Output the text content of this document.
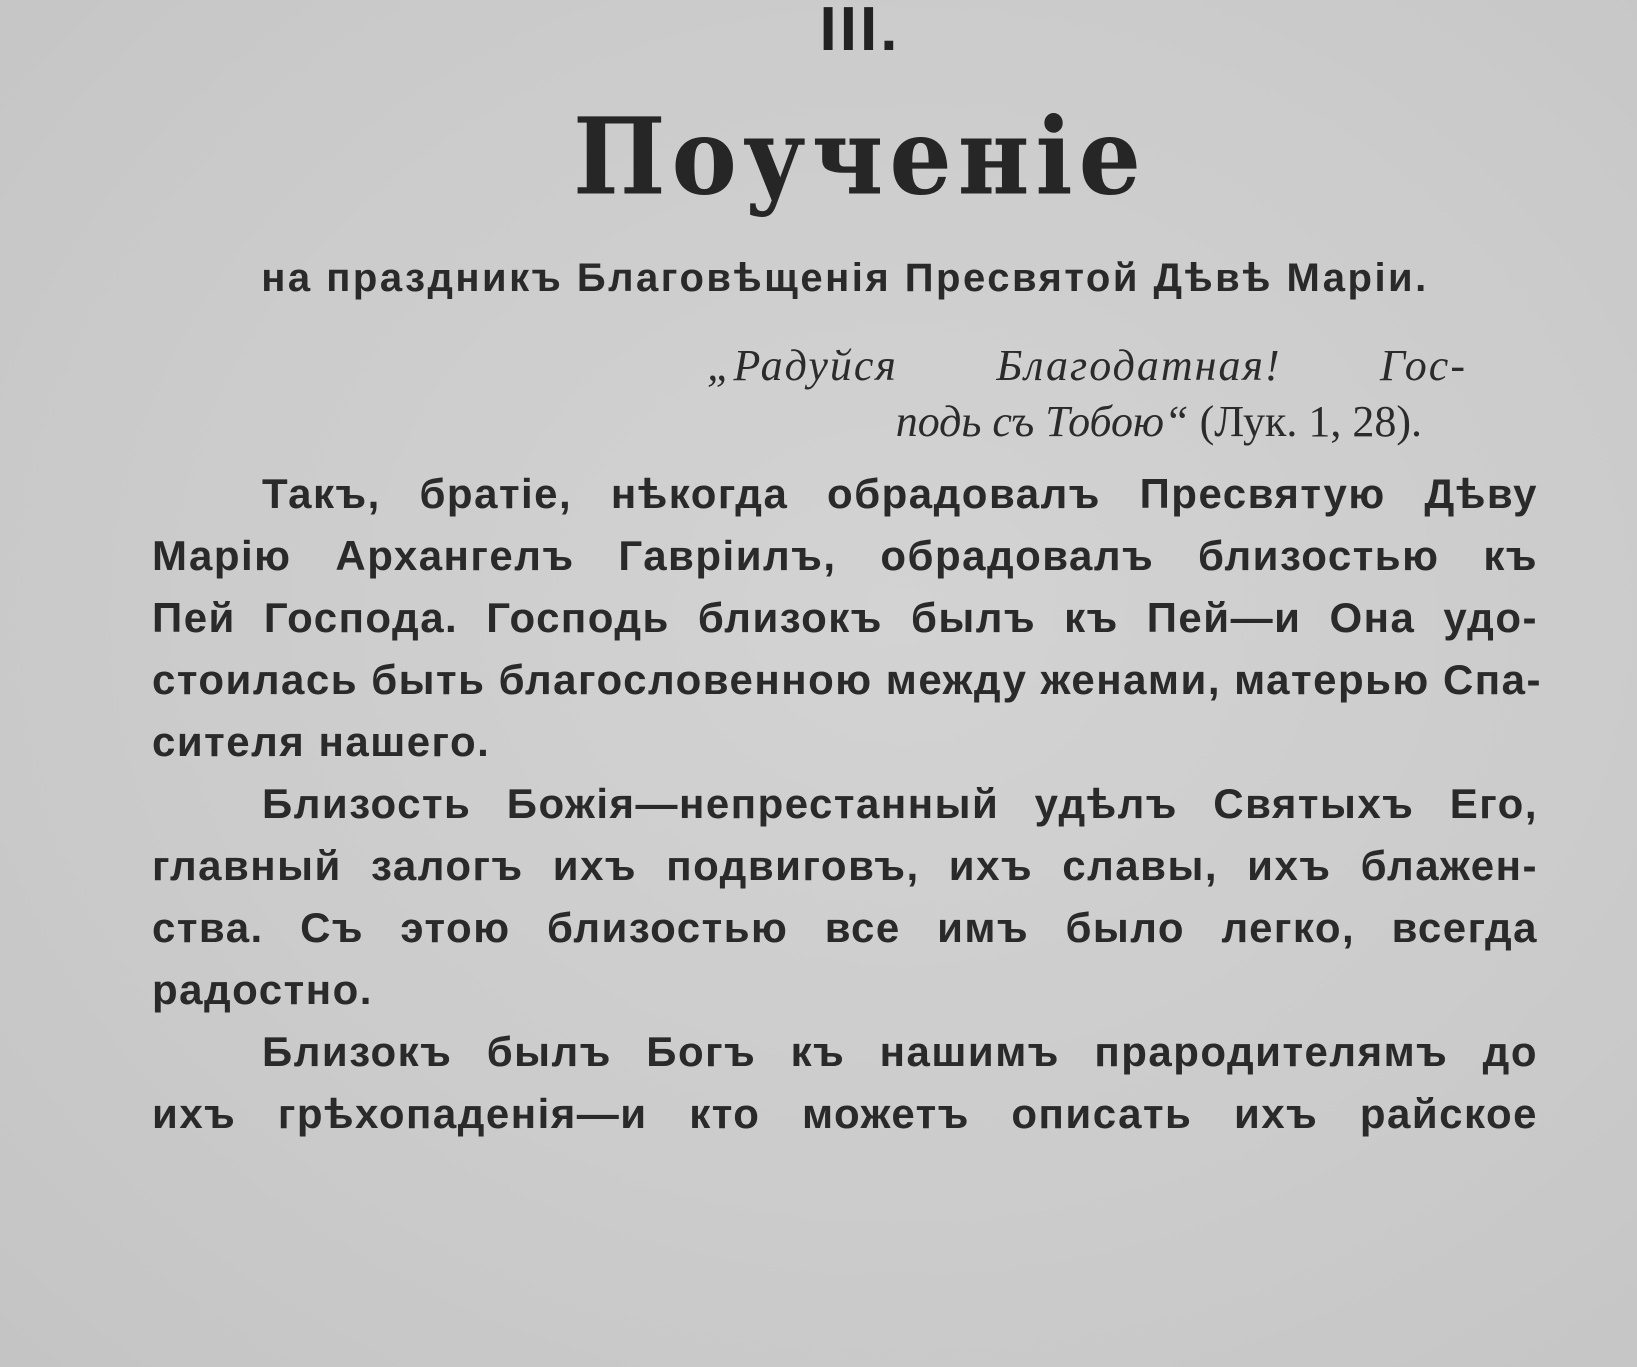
III.
Поученіе
на праздникъ Благовѣщенія Пресвятой Дѣвѣ Маріи.
„Радуйся Благодатная! Гос-
подь съ Тобою“ (Лук. 1, 28).
Такъ, братіе, нѣкогда обрадовалъ Пресвятую Дѣву
Марію Архангелъ Гавріилъ, обрадовалъ близостью къ
Пей Господа. Господь близокъ былъ къ Пей—и Она удо-
стоилась быть благословенною между женами, матерью Спа-
сителя нашего.
Близость Божія—непрестанный удѣлъ Святыхъ Его,
главный залогъ ихъ подвиговъ, ихъ славы, ихъ блажен-
ства. Съ этою близостью все имъ было легко, всегда
радостно.
Близокъ былъ Богъ къ нашимъ прародителямъ до
ихъ грѣхопаденія—и кто можетъ описать ихъ райское
